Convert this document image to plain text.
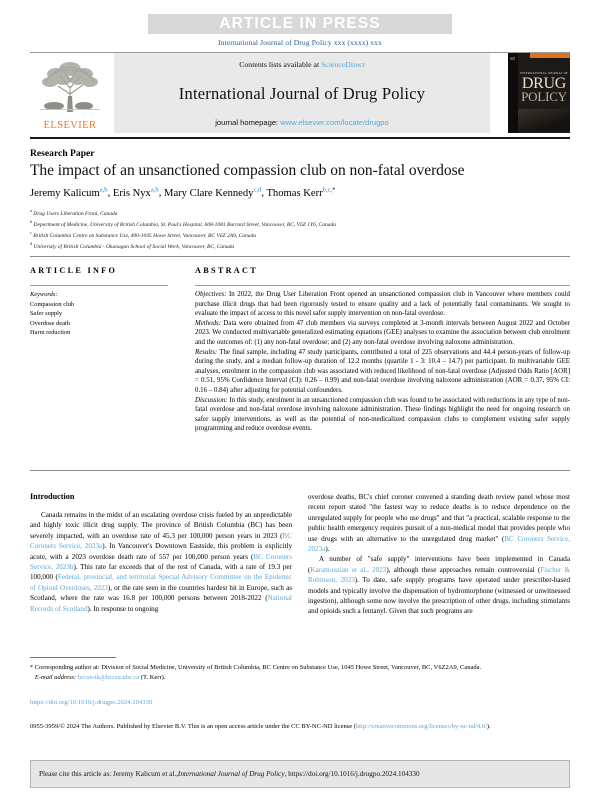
ARTICLE IN PRESS
International Journal of Drug Policy xxx (xxxx) xxx
ELSEVIER
Contents lists available at ScienceDirect
International Journal of Drug Policy
journal homepage: www.elsevier.com/locate/drugpo
SD
INTERNATIONAL JOURNAL OF
DRUG
POLICY
Research Paper
The impact of an unsanctioned compassion club on non-fatal overdose
Jeremy Kalicum$^{a,b}$, Eris Nyx$^{a,b}$, Mary Clare Kennedy$^{c,d}$, Thomas Kerr$^{b,c,*}$
$^a$ Drug Users Liberation Front, Canada
$^b$ Department of Medicine, University of British Columbia, St. Paul's Hospital, 608-1081 Burrard Street, Vancouver, BC, V6Z 1Y6, Canada
$^c$ British Columbia Centre on Substance Use, 400-1045 Howe Street, Vancouver, BC V6Z 2A9, Canada
$^d$ University of British Columbia - Okanagan School of Social Work, Vancouver, BC, Canada
ARTICLE INFO	ABSTRACT
Keywords:
Compassion club
Safer supply
Overdose death
Harm reduction

Objectives: In 2022, the Drug User Liberation Front opened an unsanctioned compassion club in Vancouver where members could purchase illicit drugs that had been rigorously tested to ensure quality and a lack of potentially fatal contaminants. We sought to evaluate the impact of access to this novel safer supply intervention on non-fatal overdose.

Methods: Data were obtained from 47 club members via surveys completed at 3-month intervals between August 2022 and October 2023. We conducted multivariable generalized estimating equations (GEE) analyses to examine the association between club enrolment and the outcomes of: (1) any non-fatal overdose; and (2) any non-fatal overdose involving naloxone administration.

Results: The final sample, including 47 study participants, contributed a total of 225 observations and 44.4 person-years of follow-up during the study, and a median follow-up duration of 12.2 months (quartile 1 - 3: 10.4 – 14.7) per participant. In multivariable GEE analyses, enrolment in the compassion club was associated with reduced likelihood of non-fatal overdose (Adjusted Odds Ratio [AOR] = 0.51, 95% Confidence Interval (CI): 0.26 – 0.99) and non-fatal overdose involving naloxone administration (AOR = 0.37, 95% CI: 0.16 – 0.84) after adjusting for potential confounders.

Discussion: In this study, enrolment in an unsanctioned compassion club was found to be associated with reductions in any type of non-fatal overdose and non-fatal overdose involving naloxone administration. These findings highlight the need for ongoing research on safer supply interventions, as well as the potential of non-medicalized compassion clubs to complement existing safer supply programming and reduce overdose events.

Introduction

Canada remains in the midst of an escalating overdose crisis fueled by an unpredictable and highly toxic illicit drug supply. The province of British Columbia (BC) has been severely impacted, with an overdose rate of 45.3 per 100,000 person years in 2023 (BC Coroners Service, 2023a). In Vancouver's Downtown Eastside, this problem is explicitly acute, with a 2023 overdose death rate of 557 per 100,000 person years (BC Coroners Service, 2023b). This rate far exceeds that of the rest of Canada, with a rate of 19.3 per 100,000 (Federal, provincial, and territorial Special Advisory Committee on the Epidemic of Opioid Overdoses, 2023), or the rate seen in the countries hardest hit in Europe, such as Scotland, where the rate was 16.8 per 100,000 persons between 2018-2022 (National Records of Scotland). In response to ongoing

overdose deaths, BC's chief coroner convened a standing death review panel whose most recent report stated "the fastest way to reduce deaths is to reduce dependence on the unregulated supply for people who use drugs" and that "a practical, scalable response to the public health emergency requires pursuit of a non-medical model that provides people who use drugs with an alternative to the unregulated drug market" (BC Coroners Service, 2023a).

A number of "safe supply" interventions have been implemented in Canada (Karamouzian et al., 2023), although these approaches remain controversial (Fischer & Robinson, 2023). To date, safe supply programs have operated under prescriber-based models and typically involve the dispensation of hydromorphone (witnessed or unwitnessed ingestion), although some now involve the prescription of other drugs, including stimulants and opioids such a fentanyl. Given that such programs are

* Corresponding author at: Division of Social Medicine, University of British Columbia, BC Centre on Substance Use, 1045 Howe Street, Vancouver, BC, V6Z2A9, Canada.
E-mail address: bccsu-tk@bccsu.ubc.ca (T. Kerr).
https://doi.org/10.1016/j.drugpo.2024.104330
0955-3959/© 2024 The Authors. Published by Elsevier B.V. This is an open access article under the CC BY-NC-ND license (http://creativecommons.org/licenses/by-nc-nd/4.0/).
Please cite this article as: Jeremy Kalicum et al., International Journal of Drug Policy , https://doi.org/10.1016/j.drugpo.2024.104330
